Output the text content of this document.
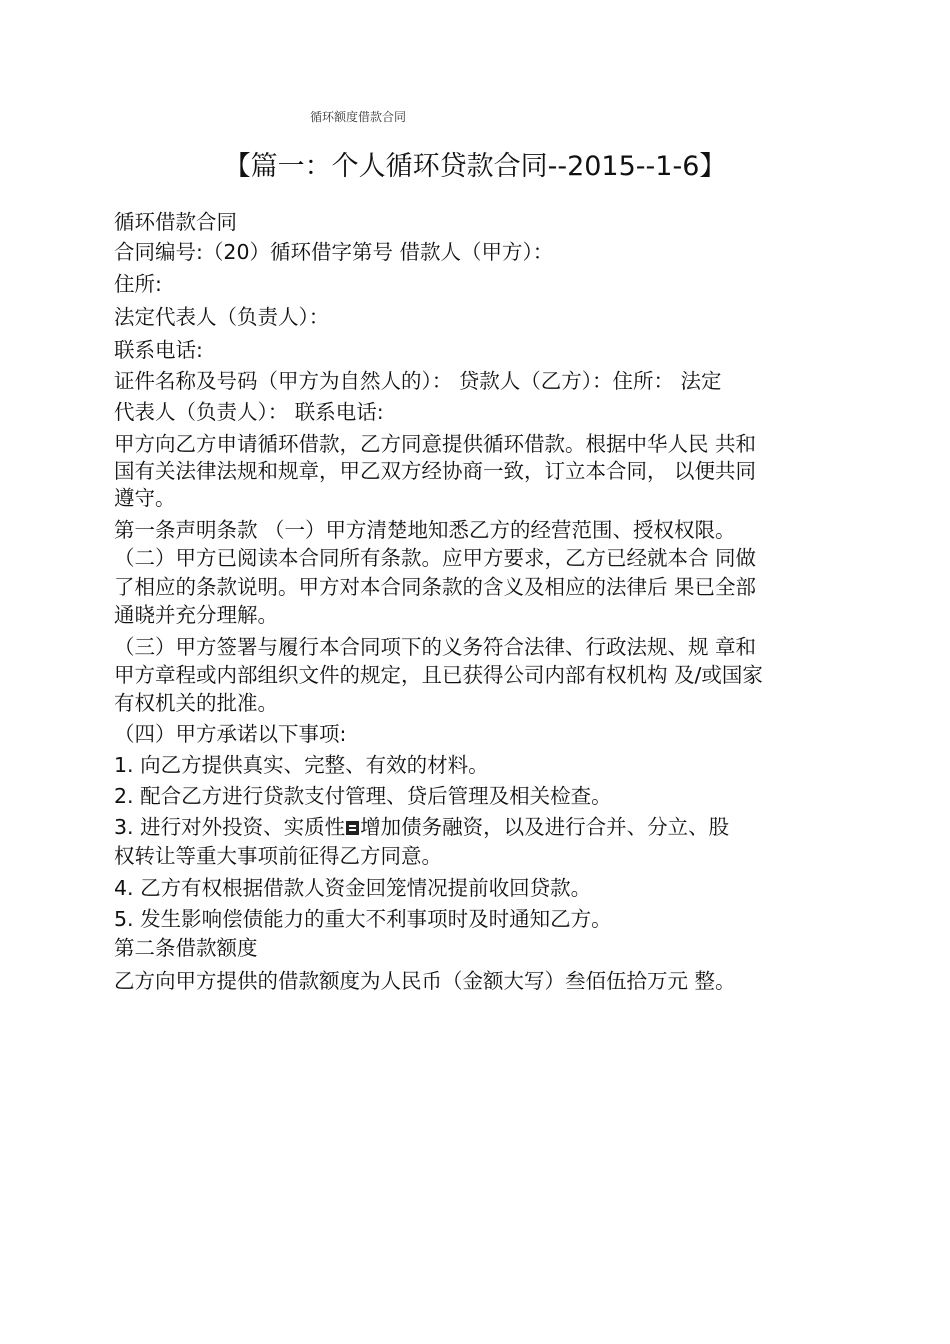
循环额度借款合同
【篇一：个人循环贷款合同--2015--1-6】
循环借款合同
合同编号:（20）循环借字第号 借款人（甲方）：
住所:
法定代表人（负责人）：
联系电话:
证件名称及号码（甲方为自然人的）： 贷款人（乙方）：住所： 法定
代表人（负责人）： 联系电话:
甲方向乙方申请循环借款，乙方同意提供循环借款。根据中华人民 共和
国有关法律法规和规章，甲乙双方经协商一致，订立本合同， 以便共同
遵守。
第一条声明条款 （一）甲方清楚地知悉乙方的经营范围、授权权限。
（二）甲方已阅读本合同所有条款。应甲方要求，乙方已经就本合 同做
了相应的条款说明。甲方对本合同条款的含义及相应的法律后 果已全部
通晓并充分理解。
（三）甲方签署与履行本合同项下的义务符合法律、行政法规、规 章和
甲方章程或内部组织文件的规定，且已获得公司内部有权机构 及/或国家
有权机关的批准。
（四）甲方承诺以下事项:
1. 向乙方提供真实、完整、有效的材料。
2. 配合乙方进行贷款支付管理、贷后管理及相关检查。
3. 进行对外投资、实质性 增加债务融资，以及进行合并、分立、股
权转让等重大事项前征得乙方同意。
4. 乙方有权根据借款人资金回笼情况提前收回贷款。
5. 发生影响偿债能力的重大不利事项时及时通知乙方。
第二条借款额度
乙方向甲方提供的借款额度为人民币（金额大写）叁佰伍拾万元 整。
